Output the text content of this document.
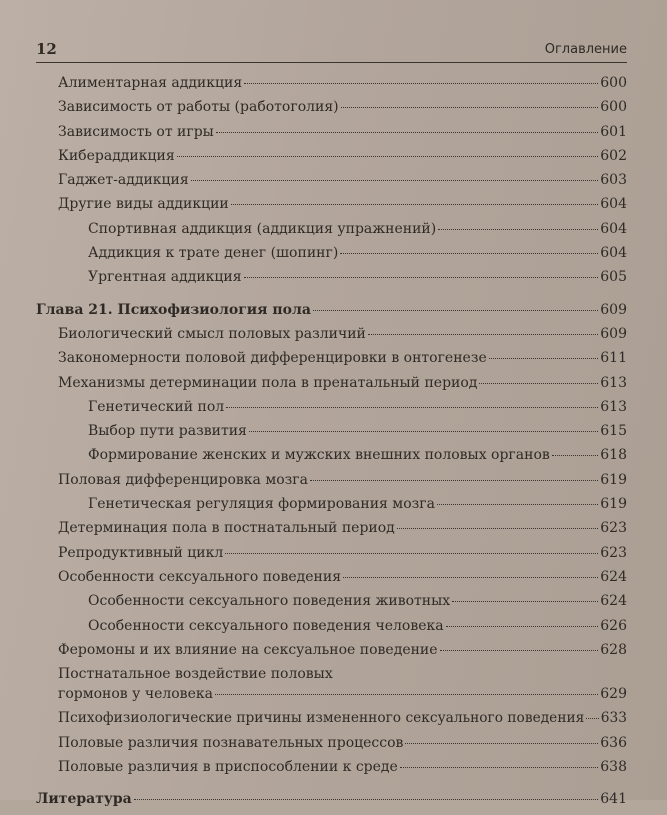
12	Оглавление
Алиментарная аддикция	600
Зависимость от работы (работоголия)	600
Зависимость от игры	601
Кибераддикция	602
Гаджет-аддикция	603
Другие виды аддикции	604
Спортивная аддикция (аддикция упражнений)	604
Аддикция к трате денег (шопинг)	604
Ургентная аддикция	605
Глава 21. Психофизиология пола	609
Биологический смысл половых различий	609
Закономерности половой дифференцировки в онтогенезе	611
Механизмы детерминации пола в пренатальный период	613
Генетический пол	613
Выбор пути развития	615
Формирование женских и мужских внешних половых органов	618
Половая дифференцировка мозга	619
Генетическая регуляция формирования мозга	619
Детерминация пола в постнатальный период	623
Репродуктивный цикл	623
Особенности сексуального поведения	624
Особенности сексуального поведения животных	624
Особенности сексуального поведения человека	626
Феромоны и их влияние на сексуальное поведение	628
Постнатальное воздействие половых
гормонов у человека	629
Психофизиологические причины измененного сексуального поведения 633
Половые различия познавательных процессов	636
Половые различия в приспособлении к среде	638
Литература	641
